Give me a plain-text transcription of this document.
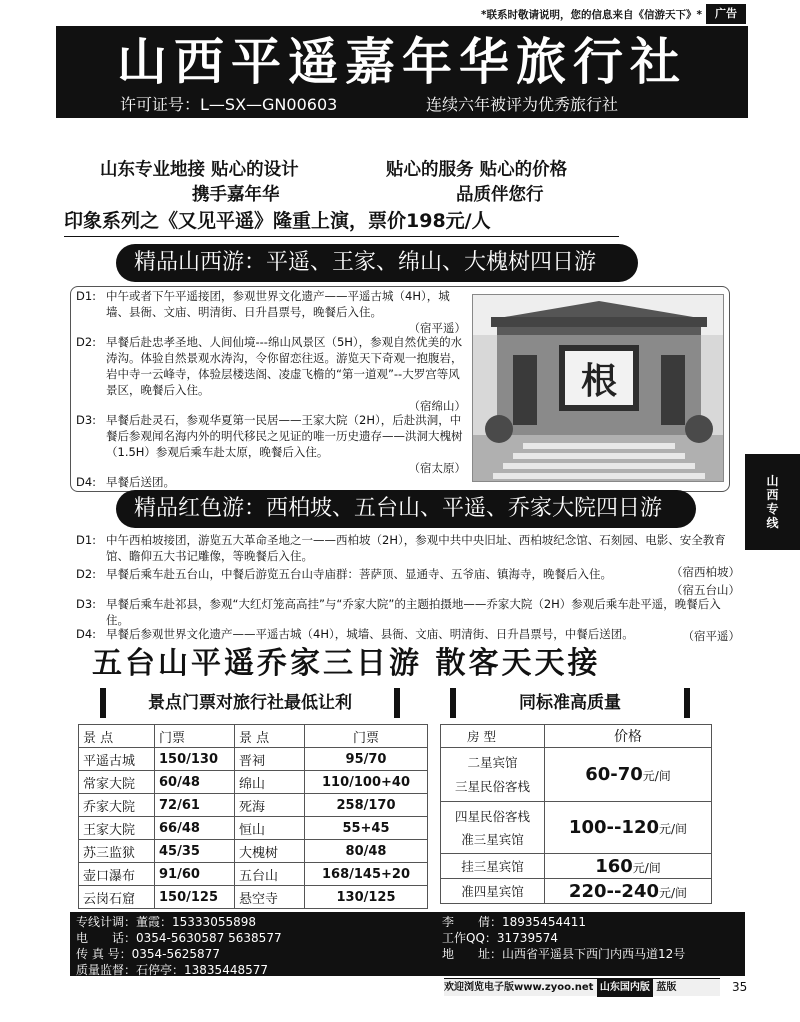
*联系时敬请说明，您的信息来自《信游天下》*	广告
山西平遥嘉年华旅行社
许可证号：L—SX—GN00603	连续六年被评为优秀旅行社
山东专业地接 贴心的设计	贴心的服务 贴心的价格
携手嘉年华	品质伴您行
印象系列之《又见平遥》隆重上演，票价198元/人
精品山西游：平遥、王家、绵山、大槐树四日游
D1: 中午或者下午平遥接团，参观世界文化遗产——平遥古城（4H），城墙、县衙、文庙、明清街、日升昌票号，晚餐后入住。
（宿平遥）
D2: 早餐后赴忠孝圣地、人间仙境---绵山风景区（5H），参观自然优美的水涛沟。体验自然景观水涛沟，令你留恋往返。游览天下奇观一抱腹岩，岩中寺一云峰寺，体验层楼迭阁、凌虚飞檐的“第一道观”--大罗宫等风景区，晚餐后入住。
（宿绵山）
D3: 早餐后赴灵石，参观华夏第一民居——王家大院（2H），后赴洪洞，中餐后参观闻名海内外的明代移民之见证的唯一历史遗存——洪洞大槐树（1.5H）参观后乘车赴太原，晚餐后入住。
（宿太原）
D4: 早餐后送团。
根
山西专线
精品红色游：西柏坡、五台山、平遥、乔家大院四日游
D1: 中午西柏坡接团，游览五大革命圣地之一——西柏坡（2H），参观中共中央旧址、西柏坡纪念馆、石刻园、电影、安全教育馆、瞻仰五大书记雕像，等晚餐后入住。
（宿西柏坡）
D2: 早餐后乘车赴五台山，中餐后游览五台山寺庙群：菩萨顶、显通寺、五爷庙、镇海寺，晚餐后入住。
（宿五台山）
D3: 早餐后乘车赴祁县，参观“大红灯笼高高挂”与“乔家大院”的主题拍摄地——乔家大院（2H）参观后乘车赴平遥，晚餐后入住。
（宿平遥）
D4: 早餐后参观世界文化遗产——平遥古城（4H），城墙、县衙、文庙、明清街、日升昌票号，中餐后送团。
五台山平遥乔家三日游 散客天天接
景点门票对旅行社最低让利	同标准高质量
景 点	门票	景 点	门票
平遥古城	150/130	晋祠	95/70
常家大院	60/48	绵山	110/100+40
乔家大院	72/61	死海	258/170
王家大院	66/48	恒山	55+45
苏三监狱	45/35	大槐树	80/48
壶口瀑布	91/60	五台山	168/145+20
云岗石窟	150/125	悬空寺	130/125
房 型	价格

二星宾馆
三星民俗客栈	60-70元/间

四星民俗客栈
准三星宾馆	100--120元/间

挂三星宾馆	160元/间

准四星宾馆	220--240元/间
专线计调：董霞：15333055898
电　　话：0354-5630587 5638577
传 真 号：0354-5625877
质量监督：石停亭：13835448577
李　　倩：18935454411
工作QQ：31739574
地　　址：山西省平遥县下西门内西马道12号
欢迎浏览电子版www.zyoo.net 山东国内版 蓝版	35
